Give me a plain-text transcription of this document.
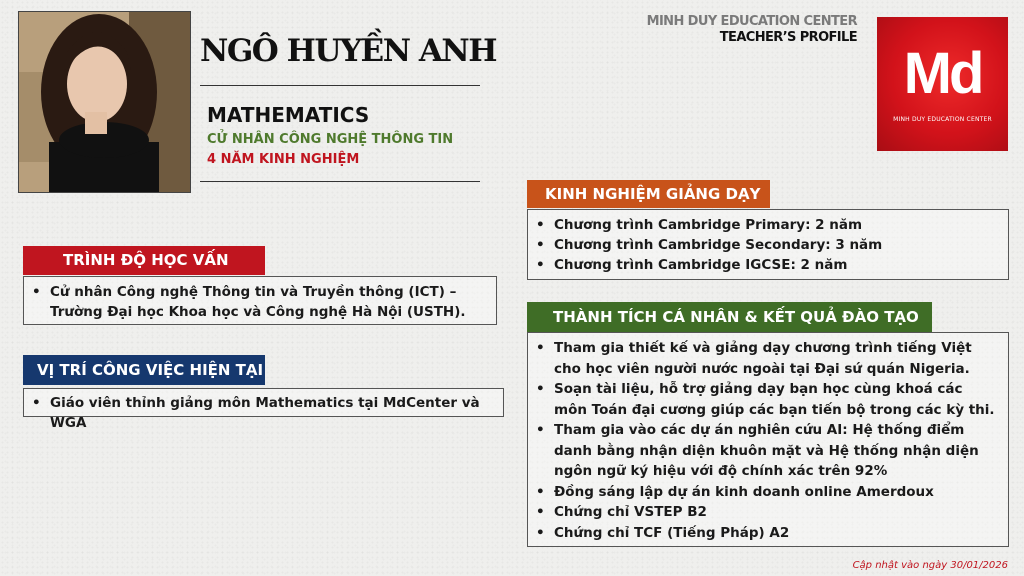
NGÔ HUYỀN ANH
MATHEMATICS
CỬ NHÂN CÔNG NGHỆ THÔNG TIN
4 NĂM KINH NGHIỆM
MINH DUY EDUCATION CENTER
TEACHER’S PROFILE
Md
MINH DUY EDUCATION CENTER
TRÌNH ĐỘ HỌC VẤN
• Cử nhân Công nghệ Thông tin và Truyền thông (ICT) – Trường Đại học Khoa học và Công nghệ Hà Nội (USTH).
VỊ TRÍ CÔNG VIỆC HIỆN TẠI
• Giáo viên thỉnh giảng môn Mathematics tại MdCenter và WGA
KINH NGHIỆM GIẢNG DẠY
• Chương trình Cambridge Primary: 2 năm
• Chương trình Cambridge Secondary: 3 năm
• Chương trình Cambridge IGCSE: 2 năm
THÀNH TÍCH CÁ NHÂN & KẾT QUẢ ĐÀO TẠO
• Tham gia thiết kế và giảng dạy chương trình tiếng Việt cho học viên người nước ngoài tại Đại sứ quán Nigeria.
• Soạn tài liệu, hỗ trợ giảng dạy bạn học cùng khoá các môn Toán đại cương giúp các bạn tiến bộ trong các kỳ thi.
• Tham gia vào các dự án nghiên cứu AI: Hệ thống điểm danh bằng nhận diện khuôn mặt và Hệ thống nhận diện ngôn ngữ ký hiệu với độ chính xác trên 92%
• Đồng sáng lập dự án kinh doanh online Amerdoux
• Chứng chỉ VSTEP B2
• Chứng chỉ TCF (Tiếng Pháp) A2
Cập nhật vào ngày 30/01/2026
